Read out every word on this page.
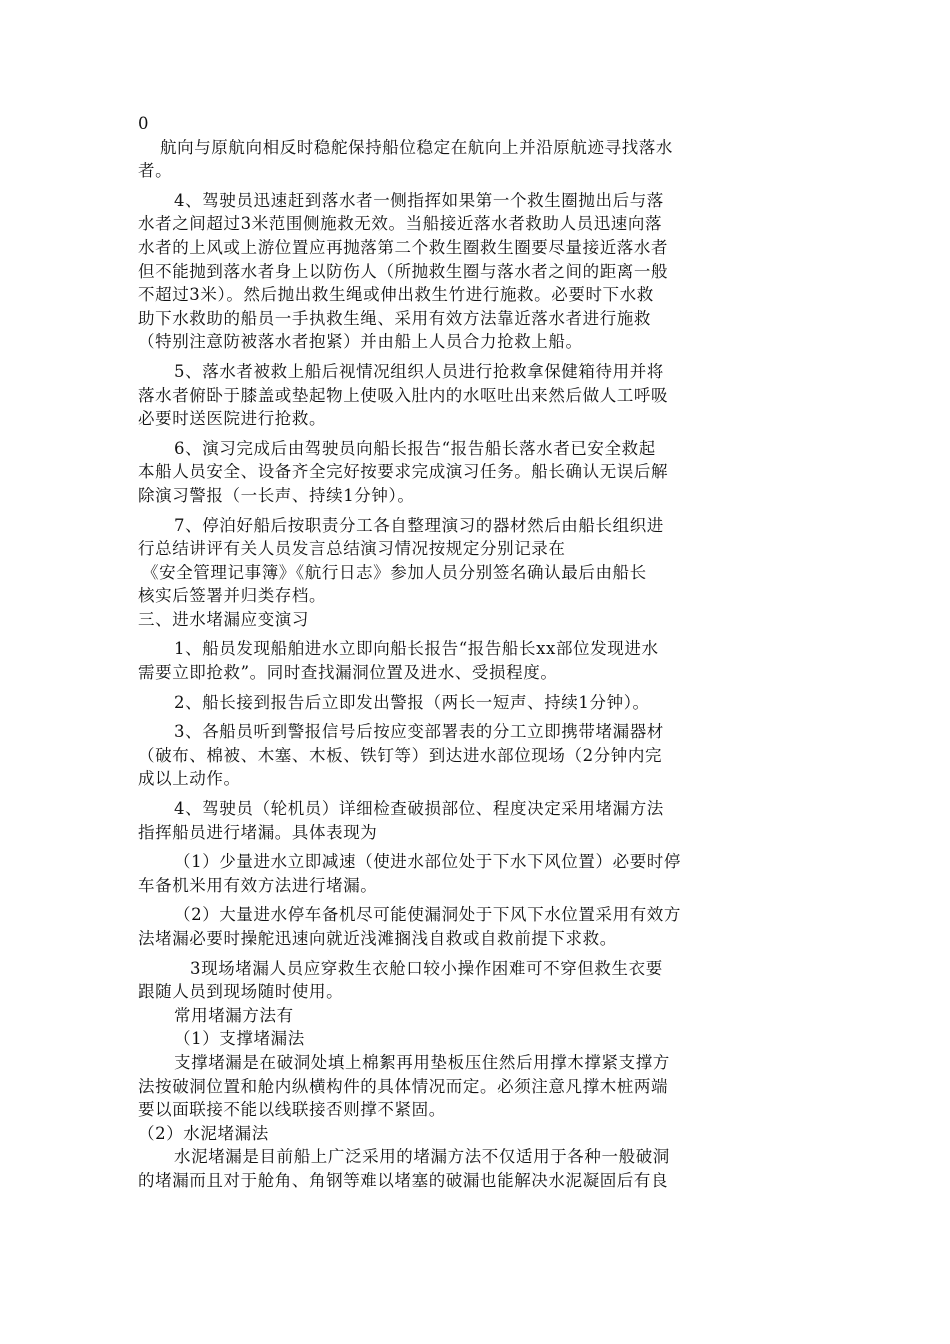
0
航向与原航向相反时稳舵保持船位稳定在航向上并沿原航迹寻找落水
者。
4、驾驶员迅速赶到落水者一侧指挥如果第一个救生圈抛出后与落
水者之间超过3米范围侧施救无效。当船接近落水者救助人员迅速向落
水者的上风或上游位置应再抛落第二个救生圈救生圈要尽量接近落水者
但不能抛到落水者身上以防伤人（所抛救生圈与落水者之间的距离一般
不超过3米）。然后抛出救生绳或伸出救生竹进行施救。必要时下水救
助下水救助的船员一手执救生绳、采用有效方法靠近落水者进行施救
（特别注意防被落水者抱紧）并由船上人员合力抢救上船。
5、落水者被救上船后视情况组织人员进行抢救拿保健箱待用并将
落水者俯卧于膝盖或垫起物上使吸入肚内的水呕吐出来然后做人工呼吸
必要时送医院进行抢救。
6、演习完成后由驾驶员向船长报告“报告船长落水者已安全救起
本船人员安全、设备齐全完好按要求完成演习任务。船长确认无误后解
除演习警报（一长声、持续1分钟）。
7、停泊好船后按职责分工各自整理演习的器材然后由船长组织进
行总结讲评有关人员发言总结演习情况按规定分别记录在
《安全管理记事簿》《航行日志》参加人员分别签名确认最后由船长
核实后签署并归类存档。
三、进水堵漏应变演习
1、船员发现船舶进水立即向船长报告“报告船长xx部位发现进水
需要立即抢救”。同时查找漏洞位置及进水、受损程度。
2、船长接到报告后立即发出警报（两长一短声、持续1分钟）。
3、各船员听到警报信号后按应变部署表的分工立即携带堵漏器材
（破布、棉被、木塞、木板、铁钉等）到达进水部位现场（2分钟内完
成以上动作。
4、驾驶员（轮机员）详细检查破损部位、程度决定采用堵漏方法
指挥船员进行堵漏。具体表现为
（1）少量进水立即减速（使进水部位处于下水下风位置）必要时停
车备机米用有效方法进行堵漏。
（2）大量进水停车备机尽可能使漏洞处于下风下水位置采用有效方
法堵漏必要时操舵迅速向就近浅滩搁浅自救或自救前提下求救。
3现场堵漏人员应穿救生衣舱口较小操作困难可不穿但救生衣要
跟随人员到现场随时使用。
常用堵漏方法有
（1）支撑堵漏法
支撑堵漏是在破洞处填上棉絮再用垫板压住然后用撑木撑紧支撑方
法按破洞位置和舱内纵横构件的具体情况而定。必须注意凡撑木桩两端
要以面联接不能以线联接否则撑不紧固。
（2）水泥堵漏法
水泥堵漏是目前船上广泛采用的堵漏方法不仅适用于各种一般破洞
的堵漏而且对于舱角、角钢等难以堵塞的破漏也能解决水泥凝固后有良
